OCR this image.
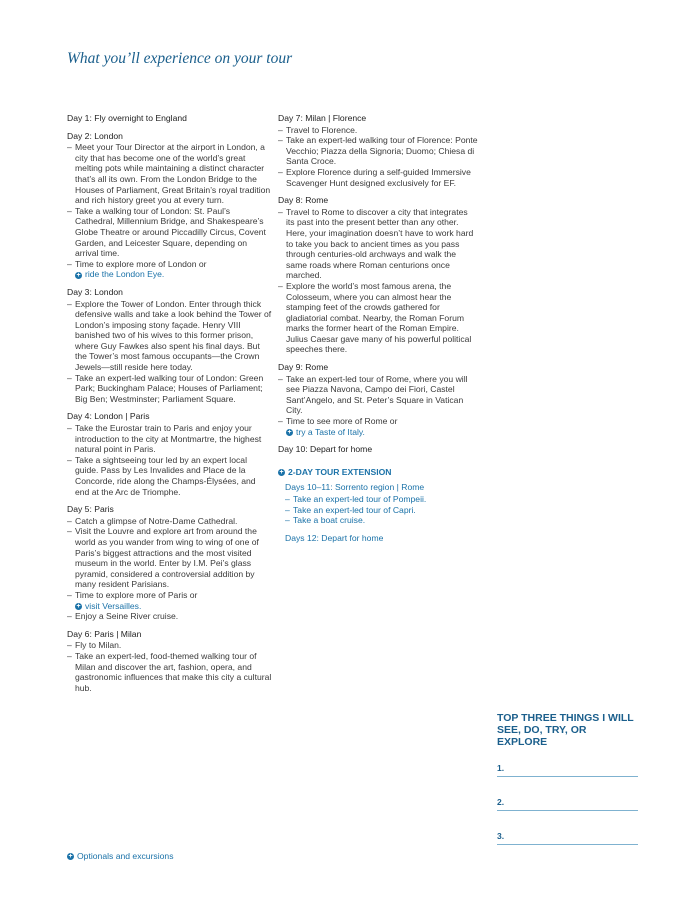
What you’ll experience on your tour
Day 1: Fly overnight to England
Day 2: London
– Meet your Tour Director at the airport in London, a city that has become one of the world’s great melting pots while maintaining a distinct character that’s all its own. From the London Bridge to the Houses of Parliament, Great Britain’s royal tradition and rich history greet you at every turn.
– Take a walking tour of London: St. Paul’s Cathedral, Millennium Bridge, and Shakespeare’s Globe Theatre or around Piccadilly Circus, Covent Garden, and Leicester Square, depending on arrival time.
– Time to explore more of London or
+ ride the London Eye.
Day 3: London
– Explore the Tower of London. Enter through thick defensive walls and take a look behind the Tower of London’s imposing stony façade. Henry VIII banished two of his wives to this former prison, where Guy Fawkes also spent his final days. But the Tower’s most famous occupants—the Crown Jewels—still reside here today.
– Take an expert-led walking tour of London: Green Park; Buckingham Palace; Houses of Parliament; Big Ben; Westminster; Parliament Square.
Day 4: London | Paris
– Take the Eurostar train to Paris and enjoy your introduction to the city at Montmartre, the highest natural point in Paris.
– Take a sightseeing tour led by an expert local guide. Pass by Les Invalides and Place de la Concorde, ride along the Champs-Élysées, and end at the Arc de Triomphe.
Day 5: Paris
– Catch a glimpse of Notre-Dame Cathedral.
– Visit the Louvre and explore art from around the world as you wander from wing to wing of one of Paris’s biggest attractions and the most visited museum in the world. Enter by I.M. Pei’s glass pyramid, considered a controversial addition by many resident Parisians.
– Time to explore more of Paris or
+ visit Versailles.
– Enjoy a Seine River cruise.
Day 6: Paris | Milan
– Fly to Milan.
– Take an expert-led, food-themed walking tour of Milan and discover the art, fashion, opera, and gastronomic influences that make this city a cultural hub.
Day 7: Milan | Florence
– Travel to Florence.
– Take an expert-led walking tour of Florence: Ponte Vecchio; Piazza della Signoria; Duomo; Chiesa di Santa Croce.
– Explore Florence during a self-guided Immersive Scavenger Hunt designed exclusively for EF.
Day 8: Rome
– Travel to Rome to discover a city that integrates its past into the present better than any other. Here, your imagination doesn’t have to work hard to take you back to ancient times as you pass through centuries-old archways and walk the same roads where Roman centurions once marched.
– Explore the world’s most famous arena, the Colosseum, where you can almost hear the stamping feet of the crowds gathered for gladiatorial combat. Nearby, the Roman Forum marks the former heart of the Roman Empire. Julius Caesar gave many of his powerful political speeches there.
Day 9: Rome
– Take an expert-led tour of Rome, where you will see Piazza Navona, Campo dei Fiori, Castel Sant’Angelo, and St. Peter’s Square in Vatican City.
– Time to see more of Rome or
+ try a Taste of Italy.
Day 10: Depart for home
+ 2-DAY TOUR EXTENSION
Days 10–11: Sorrento region | Rome
– Take an expert-led tour of Pompeii.
– Take an expert-led tour of Capri.
– Take a boat cruise.
Days 12: Depart for home
TOP THREE THINGS I WILL SEE, DO, TRY, OR EXPLORE
1.
2.
3.
+ Optionals and excursions
